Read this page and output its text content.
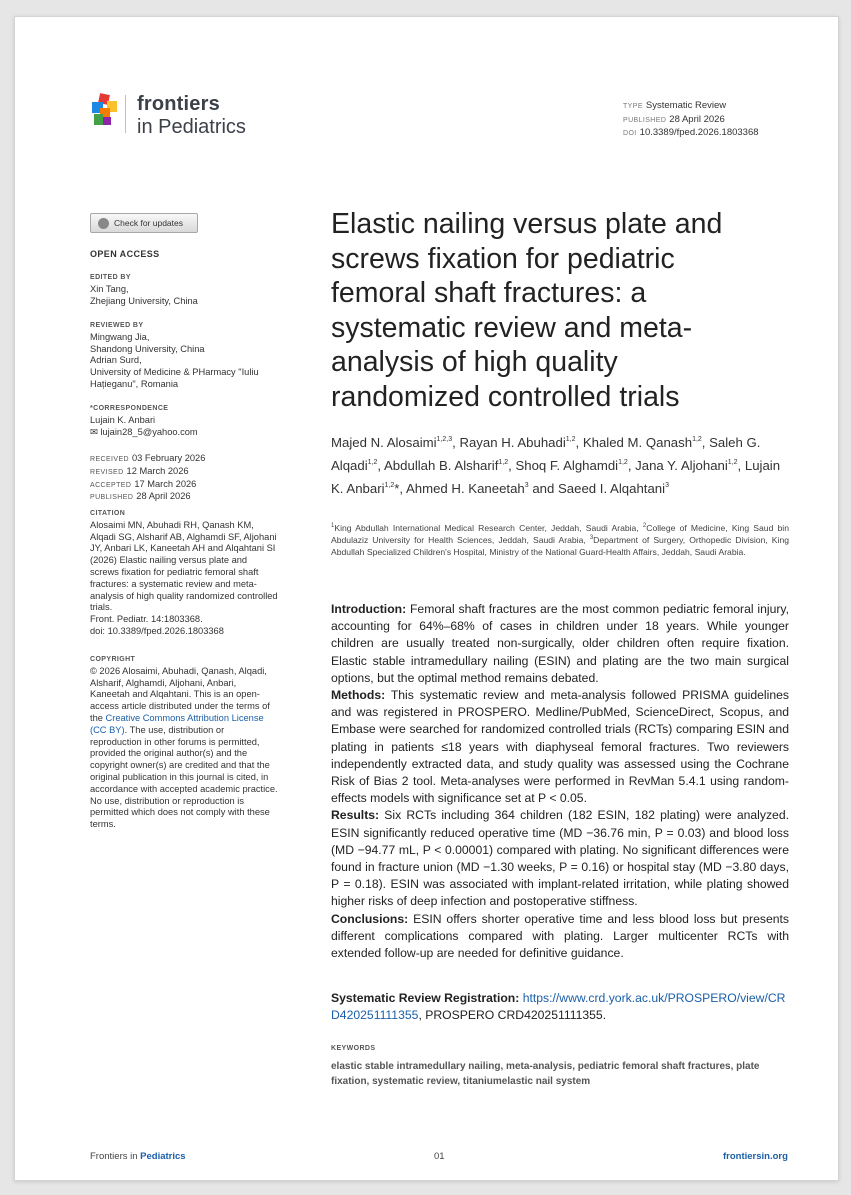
frontiers
in Pediatrics
TYPE Systematic Review
PUBLISHED 28 April 2026
DOI 10.3389/fped.2026.1803368
Check for updates
OPEN ACCESS
EDITED BY
Xin Tang,
Zhejiang University, China
REVIEWED BY
Mingwang Jia,
Shandong University, China
Adrian Surd,
University of Medicine & PHarmacy "Iuliu Hațieganu", Romania
*CORRESPONDENCE
Lujain K. Anbari
✉ lujain28_5@yahoo.com
RECEIVED 03 February 2026
REVISED 12 March 2026
ACCEPTED 17 March 2026
PUBLISHED 28 April 2026
CITATION
Alosaimi MN, Abuhadi RH, Qanash KM, Alqadi SG, Alsharif AB, Alghamdi SF, Aljohani JY, Anbari LK, Kaneetah AH and Alqahtani SI (2026) Elastic nailing versus plate and screws fixation for pediatric femoral shaft fractures: a systematic review and meta-analysis of high quality randomized controlled trials.
Front. Pediatr. 14:1803368.
doi: 10.3389/fped.2026.1803368
COPYRIGHT
© 2026 Alosaimi, Abuhadi, Qanash, Alqadi, Alsharif, Alghamdi, Aljohani, Anbari, Kaneetah and Alqahtani. This is an open-access article distributed under the terms of the Creative Commons Attribution License (CC BY). The use, distribution or reproduction in other forums is permitted, provided the original author(s) and the copyright owner(s) are credited and that the original publication in this journal is cited, in accordance with accepted academic practice. No use, distribution or reproduction is permitted which does not comply with these terms.
Elastic nailing versus plate and screws fixation for pediatric femoral shaft fractures: a systematic review and meta-analysis of high quality randomized controlled trials
Majed N. Alosaimi$^{1,2,3}$, Rayan H. Abuhadi$^{1,2}$, Khaled M. Qanash$^{1,2}$, Saleh G. Alqadi$^{1,2}$, Abdullah B. Alsharif$^{1,2}$, Shoq F. Alghamdi$^{1,2}$, Jana Y. Aljohani$^{1,2}$, Lujain K. Anbari$^{1,2}$*, Ahmed H. Kaneetah$^3$ and Saeed I. Alqahtani$^3$
$^1$King Abdullah International Medical Research Center, Jeddah, Saudi Arabia, $^2$College of Medicine, King Saud bin Abdulaziz University for Health Sciences, Jeddah, Saudi Arabia, $^3$Department of Surgery, Orthopedic Division, King Abdullah Specialized Children's Hospital, Ministry of the National Guard-Health Affairs, Jeddah, Saudi Arabia.

Introduction: Femoral shaft fractures are the most common pediatric femoral injury, accounting for 64%–68% of cases in children under 18 years. While younger children are usually treated non-surgically, older children often require fixation. Elastic stable intramedullary nailing (ESIN) and plating are the two main surgical options, but the optimal method remains debated.

Methods: This systematic review and meta-analysis followed PRISMA guidelines and was registered in PROSPERO. Medline/PubMed, ScienceDirect, Scopus, and Embase were searched for randomized controlled trials (RCTs) comparing ESIN and plating in patients ≤18 years with diaphyseal femoral fractures. Two reviewers independently extracted data, and study quality was assessed using the Cochrane Risk of Bias 2 tool. Meta-analyses were performed in RevMan 5.4.1 using random-effects models with significance set at P < 0.05.

Results: Six RCTs including 364 children (182 ESIN, 182 plating) were analyzed. ESIN significantly reduced operative time (MD −36.76 min, P = 0.03) and blood loss (MD −94.77 mL, P < 0.00001) compared with plating. No significant differences were found in fracture union (MD −1.30 weeks, P = 0.16) or hospital stay (MD −3.80 days, P = 0.18). ESIN was associated with implant-related irritation, while plating showed higher risks of deep infection and postoperative stiffness.

Conclusions: ESIN offers shorter operative time and less blood loss but presents different complications compared with plating. Larger multicenter RCTs with extended follow-up are needed for definitive guidance.

Systematic Review Registration: https://www.crd.york.ac.uk/PROSPERO/view/CRD420251111355, PROSPERO CRD420251111355.
KEYWORDS
elastic stable intramedullary nailing, meta-analysis, pediatric femoral shaft fractures, plate fixation, systematic review, titaniumelastic nail system
Frontiers in Pediatrics	01	frontiersin.org
